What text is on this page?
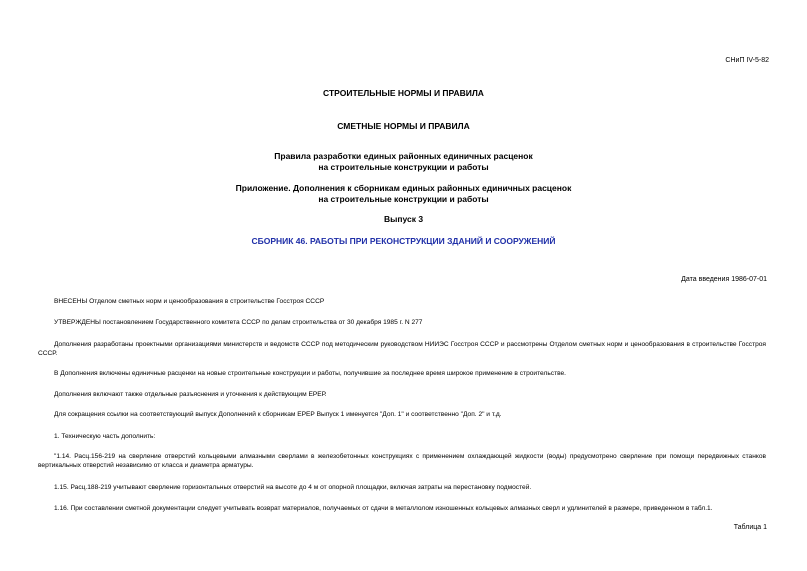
СНиП IV-5-82
СТРОИТЕЛЬНЫЕ НОРМЫ И ПРАВИЛА
СМЕТНЫЕ НОРМЫ И ПРАВИЛА
Правила разработки единых районных единичных расценок
на строительные конструкции и работы
Приложение. Дополнения к сборникам единых районных единичных расценок
на строительные конструкции и работы
Выпуск 3
СБОРНИК 46. РАБОТЫ ПРИ РЕКОНСТРУКЦИИ ЗДАНИЙ И СООРУЖЕНИЙ
Дата введения 1986-07-01
ВНЕСЕНЫ Отделом сметных норм и ценообразования в строительстве Госстроя СССР
УТВЕРЖДЕНЫ постановлением Государственного комитета СССР по делам строительства от 30 декабря 1985 г. N 277
Дополнения разработаны проектными организациями министерств и ведомств СССР под методическим руководством НИИЭС Госстроя СССР и рассмотрены Отделом сметных норм и ценообразования в строительстве Госстроя СССР.
В Дополнения включены единичные расценки на новые строительные конструкции и работы, получившие за последнее время широкое применение в строительстве.
Дополнения включают также отдельные разъяснения и уточнения к действующим ЕРЕР.
Для сокращения ссылки на соответствующий выпуск Дополнений к сборникам ЕРЕР Выпуск 1 именуется "Доп. 1" и соответственно "Доп. 2" и т.д.
1. Техническую часть дополнить:
"1.14. Расц.156-219 на сверление отверстий кольцевыми алмазными сверлами в железобетонных конструкциях с применением охлаждающей жидкости (воды) предусмотрено сверление при помощи передвижных станков вертикальных отверстий независимо от класса и диаметра арматуры.
1.15. Расц.188-219 учитывают сверление горизонтальных отверстий на высоте до 4 м от опорной площадки, включая затраты на перестановку подмостей.
1.16. При составлении сметной документации следует учитывать возврат материалов, получаемых от сдачи в металлолом изношенных кольцевых алмазных сверл и удлинителей в размере, приведенном в табл.1.
Таблица 1
